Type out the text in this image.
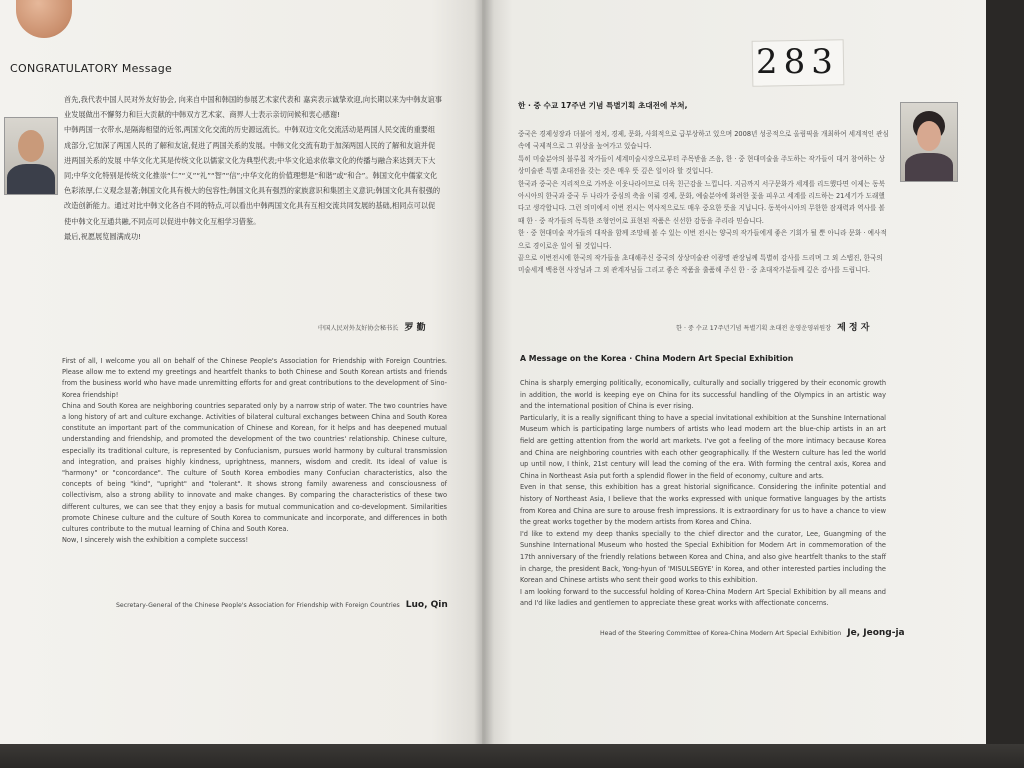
CONGRATULATORY Message
首先,我代表中国人民对外友好协会, 向来自中国和韩国的参展艺术家代表和 嘉宾表示诚挚欢迎,向长期以来为中韩友谊事业发展做出不懈努力和巨大贡献的中韩双方艺术家、商界人士表示亲切问候和衷心感谢!
中韩两国一衣带水,是隔海相望的近邻,两国文化交流的历史源远流长。中韩双边文化交流活动是两国人民交流的重要组成部分,它加深了两国人民的了解和友谊,促进了两国关系的发展。中韩文化交流有助于加深两国人民的了解和友谊并促进两国关系的发展 中华文化尤其是传统文化以儒家文化为典型代表;中华文化追求依靠文化的传播与融合来达到天下大同;中华文化特别是传统文化推崇“仁”“义”“礼”“智”“信”;中华文化的价值理想是“和谐”或“和合”。韩国文化中儒家文化色彩浓厚,仁义观念显著;韩国文化具有极大的包容性;韩国文化具有强烈的家族意识和集团主义意识;韩国文化具有很强的改造创新能力。通过对比中韩文化各自不同的特点,可以看出中韩两国文化具有互相交流共同发展的基础,相同点可以促使中韩文化互通共融,不同点可以促进中韩文化互相学习借鉴。
最后,祝愿展览圆满成功!
中国人民对外友好协会秘书长 罗 勤

First of all, I welcome you all on behalf of the Chinese People's Association for Friendship with Foreign Countries. Please allow me to extend my greetings and heartfelt thanks to both Chinese and South Korean artists and friends from the business world who have made unremitting efforts for and great contributions to the development of Sino-Korea friendship!

China and South Korea are neighboring countries separated only by a narrow strip of water. The two countries have a long history of art and culture exchange. Activities of bilateral cultural exchanges between China and South Korea constitute an important part of the communication of Chinese and Korean, for it helps and has deepened mutual understanding and friendship, and promoted the development of the two countries' relationship. Chinese culture, especially its traditional culture, is represented by Confucianism, pursues world harmony by cultural transmission and integration, and praises highly kindness, uprightness, manners, wisdom and credit. Its ideal of value is "harmony" or "concordance". The culture of South Korea embodies many Confucian characteristics, also the concepts of being "kind", "upright" and "tolerant". It shows strong family awareness and consciousness of collectivism, also a strong ability to innovate and make changes. By comparing the characteristics of these two different cultures, we can see that they enjoy a basis for mutual communication and co-development. Similarities promote Chinese culture and the culture of South Korea to communicate and incorporate, and differences in both cultures contribute to the mutual learning of China and South Korea.

Now, I sincerely wish the exhibition a complete success!

Secretary-General of the Chinese People's Association for Friendship with Foreign Countries Luo, Qin
283
한 · 중 수교 17주년 기념 특별기획 초대전에 부쳐,

중국은 경제성장과 더불어 정치, 경제, 문화, 사회적으로 급부상하고 있으며 2008년 성공적으로 올림픽을 개최하여 세계적인 관심 속에 국제적으로 그 위상을 높여가고 있습니다.

특히 미술분야의 블루칩 작가들이 세계미술시장으로부터 주목받을 즈음, 한 · 중 현대미술을 주도하는 작가들이 대거 참여하는 상상미술관 특별 초대전을 갖는 것은 매우 뜻 깊은 일이라 할 것입니다.

한국과 중국은 지리적으로 가까운 이웃나라이므로 더욱 친근감을 느낍니다. 지금까지 서구문화가 세계를 리드했다면 이제는 동북아시아의 한국과 중국 두 나라가 중심의 축을 이뤄 경제, 문화, 예술분야에 화려한 꽃을 피우고 세계를 리드하는 21세기가 도래했다고 생각합니다. 그런 의미에서 이번 전시는 역사적으로도 매우 중요한 뜻을 지닙니다. 동북아시아의 무한한 잠재력과 역사를 볼 때 한 · 중 작가들의 독특한 조형언어로 표현된 작품은 신선한 감동을 주리라 믿습니다.

한 · 중 현대미술 작가들의 대작을 함께 조망해 볼 수 있는 이번 전시는 양국의 작가들에게 좋은 기회가 될 뿐 아니라 문화 · 예사적으로 경이로운 일이 될 것입니다.

끝으로 이번전시에 한국의 작가들을 초대해주신 중국의 상상미술관 이광명 관장님께 특별히 감사를 드리며 그 외 스탭진, 한국의 미술세계 백용현 사장님과 그 외 관계자님들 그리고 좋은 작품을 출품해 주신 한 · 중 초대작가분들께 깊은 감사를 드립니다.

한 · 중 수교 17주년기념 특별기획 초대전 운영운영위원장 제 정 자
A Message on the Korea · China Modern Art Special Exhibition

China is sharply emerging politically, economically, culturally and socially triggered by their economic growth in addition, the world is keeping eye on China for its successful handling of the Olympics in an artistic way and the international position of China is ever rising.

Particularly, it is a really significant thing to have a special invitational exhibition at the Sunshine International Museum which is participating large numbers of artists who lead modern art the blue-chip artists in an art field are getting attention from the world art markets. I've got a feeling of the more intimacy because Korea and China are neighboring countries with each other geographically. If the Western culture has led the world up until now, I think, 21st century will lead the coming of the era. With forming the central axis, Korea and China in Northeast Asia put forth a splendid flower in the field of economy, culture and arts.

Even in that sense, this exhibition has a great historial significance. Considering the infinite potential and history of Northeast Asia, I believe that the works expressed with unique formative languages by the artists from Korea and China are sure to arouse fresh impressions. It is extraordinary for us to have a chance to view the great works together by the modern artists from Korea and China.

I'd like to extend my deep thanks specially to the chief director and the curator, Lee, Guangming of the Sunshine International Museum who hosted the Special Exhibition for Modern Art in commemoration of the 17th anniversary of the friendly relations between Korea and China, and also give heartfelt thanks to the staff in charge, the president Back, Yong-hyun of 'MISULSEGYE' in Korea, and other interested parties including the Korean and Chinese artists who sent their good works to this exhibition.

I am looking forward to the successful holding of Korea-China Modern Art Special Exhibition by all means and and I'd like ladies and gentlemen to appreciate these great works with affectionate concerns.

Head of the Steering Committee of Korea-China Modern Art Special Exhibition Je, Jeong-ja
